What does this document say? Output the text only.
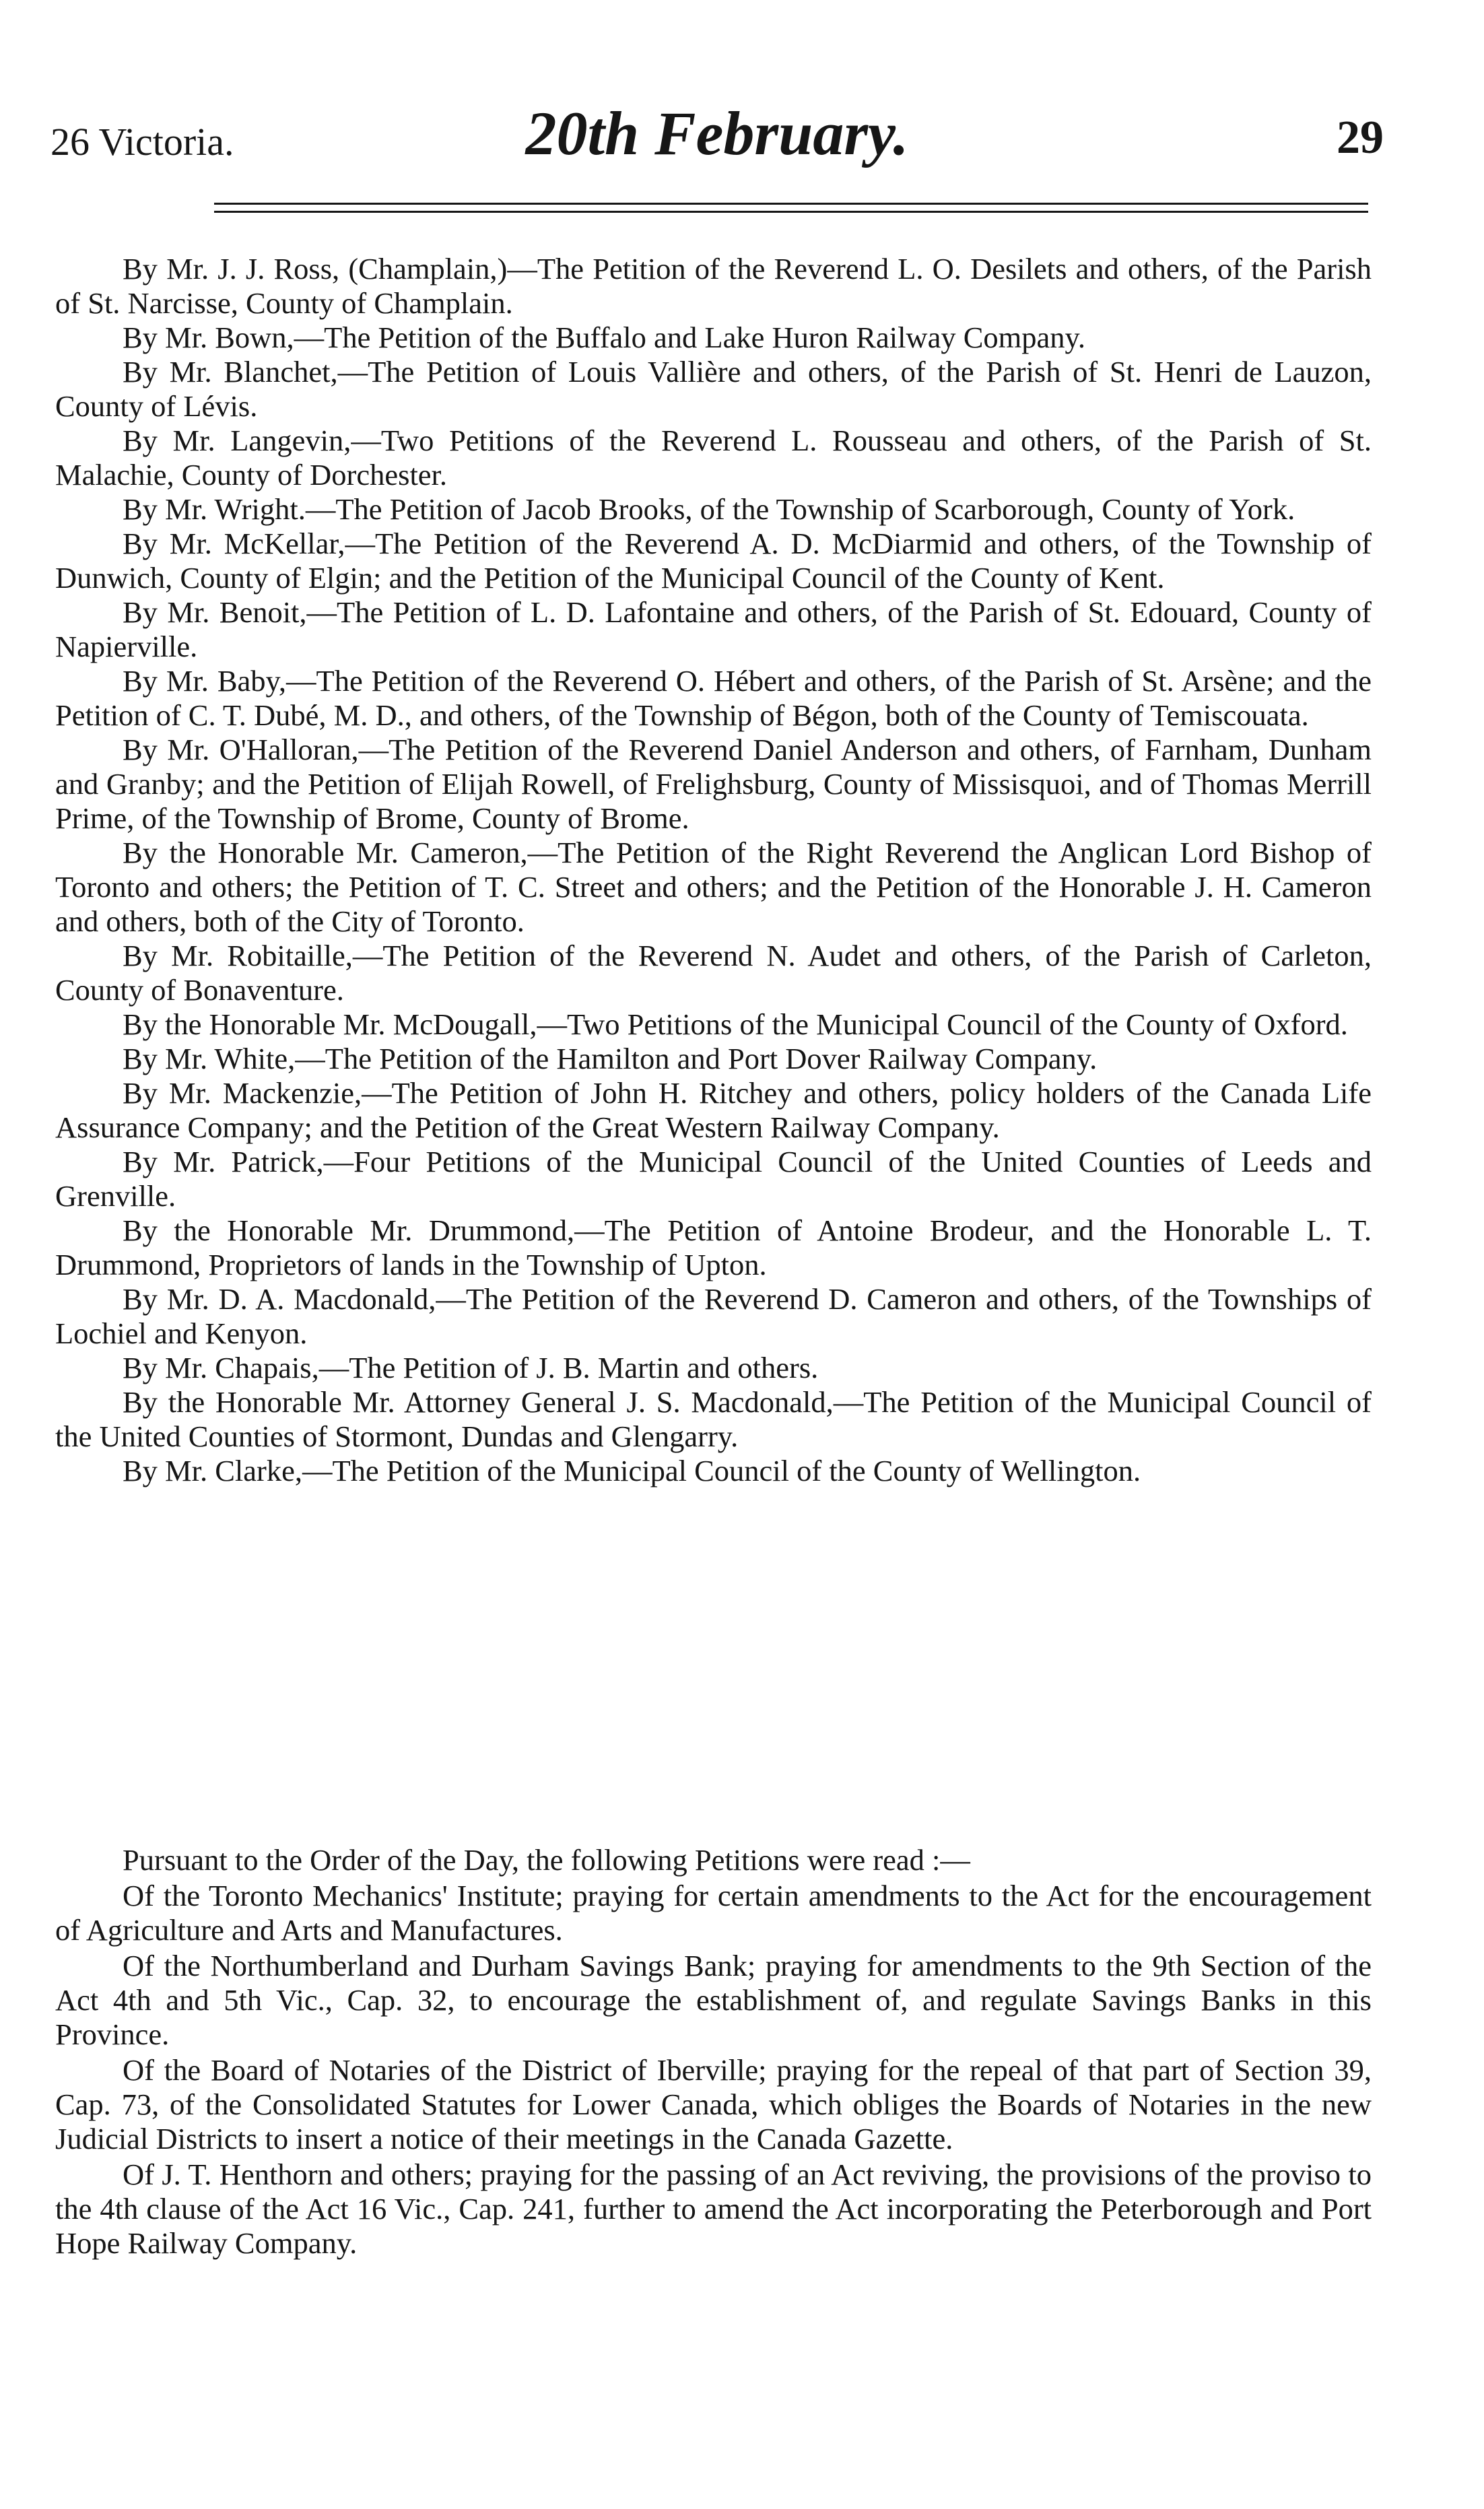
26 Victoria.	20th February.	29

By Mr. J. J. Ross, (Champlain,)—The Petition of the Reverend L. O. Desilets and others, of the Parish of St. Narcisse, County of Champlain.

By Mr. Bown,—The Petition of the Buffalo and Lake Huron Railway Company.

By Mr. Blanchet,—The Petition of Louis Vallière and others, of the Parish of St. Henri de Lauzon, County of Lévis.

By Mr. Langevin,—Two Petitions of the Reverend L. Rousseau and others, of the Parish of St. Malachie, County of Dorchester.

By Mr. Wright.—The Petition of Jacob Brooks, of the Township of Scarborough, County of York.

By Mr. McKellar,—The Petition of the Reverend A. D. McDiarmid and others, of the Township of Dunwich, County of Elgin; and the Petition of the Municipal Council of the County of Kent.

By Mr. Benoit,—The Petition of L. D. Lafontaine and others, of the Parish of St. Edouard, County of Napierville.

By Mr. Baby,—The Petition of the Reverend O. Hébert and others, of the Parish of St. Arsène; and the Petition of C. T. Dubé, M. D., and others, of the Township of Bégon, both of the County of Temiscouata.

By Mr. O'Halloran,—The Petition of the Reverend Daniel Anderson and others, of Farnham, Dunham and Granby; and the Petition of Elijah Rowell, of Frelighsburg, County of Missisquoi, and of Thomas Merrill Prime, of the Township of Brome, County of Brome.

By the Honorable Mr. Cameron,—The Petition of the Right Reverend the Anglican Lord Bishop of Toronto and others; the Petition of T. C. Street and others; and the Petition of the Honorable J. H. Cameron and others, both of the City of Toronto.

By Mr. Robitaille,—The Petition of the Reverend N. Audet and others, of the Parish of Carleton, County of Bonaventure.

By the Honorable Mr. McDougall,—Two Petitions of the Municipal Council of the County of Oxford.

By Mr. White,—The Petition of the Hamilton and Port Dover Railway Company.

By Mr. Mackenzie,—The Petition of John H. Ritchey and others, policy holders of the Canada Life Assurance Company; and the Petition of the Great Western Railway Company.

By Mr. Patrick,—Four Petitions of the Municipal Council of the United Counties of Leeds and Grenville.

By the Honorable Mr. Drummond,—The Petition of Antoine Brodeur, and the Honorable L. T. Drummond, Proprietors of lands in the Township of Upton.

By Mr. D. A. Macdonald,—The Petition of the Reverend D. Cameron and others, of the Townships of Lochiel and Kenyon.

By Mr. Chapais,—The Petition of J. B. Martin and others.

By the Honorable Mr. Attorney General J. S. Macdonald,—The Petition of the Municipal Council of the United Counties of Stormont, Dundas and Glengarry.

By Mr. Clarke,—The Petition of the Municipal Council of the County of Wellington.

Pursuant to the Order of the Day, the following Petitions were read :—

Of the Toronto Mechanics' Institute; praying for certain amendments to the Act for the encouragement of Agriculture and Arts and Manufactures.

Of the Northumberland and Durham Savings Bank; praying for amendments to the 9th Section of the Act 4th and 5th Vic., Cap. 32, to encourage the establishment of, and regulate Savings Banks in this Province.

Of the Board of Notaries of the District of Iberville; praying for the repeal of that part of Section 39, Cap. 73, of the Consolidated Statutes for Lower Canada, which obliges the Boards of Notaries in the new Judicial Districts to insert a notice of their meetings in the Canada Gazette.

Of J. T. Henthorn and others; praying for the passing of an Act reviving, the provisions of the proviso to the 4th clause of the Act 16 Vic., Cap. 241, further to amend the Act incorporating the Peterborough and Port Hope Railway Company.
